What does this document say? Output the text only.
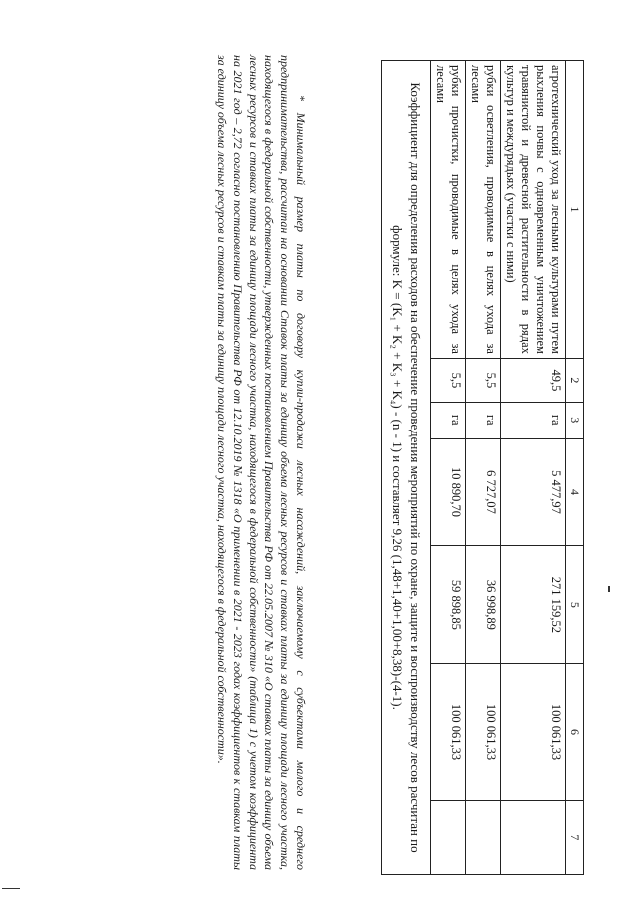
1	2	3	4	5	6	7
агротехнический уход за лесными культурами путем рыхления почвы с одновременным уничтожением травянистой и древесной растительности в рядах культур и междурядьях (участки с ними)	49,5	га	5 477,97	271 159,52	100 061,33	
рубки осветления, проводимые в целях ухода за лесами	5,5	га	6 727,07	36 998,89	100 061,33	
рубки прочистки, проводимые в целях ухода за лесами	5,5	га	10 890,70	59 898,85	100 061,33	
Коэффициент для определения расходов на обеспечение проведения мероприятий по охране, защите и воспроизводству лесов расчитан по формуле: K = (K₁ + K₂ + K₃ + K₄) - (n - 1) и составляет 9,26 (1,48+1,40+1,00+8,38)-(4-1).						

* Минимальный размер платы по договору купли-продажи лесных насаждений, заключаемому с субъектами малого и среднего предпринимательства, рассчитан на основании Ставок платы за единицу объема лесных ресурсов и ставках платы за единицу площади лесного участка, находящегося в федеральной собственности, утвержденных постановлением Правительства РФ от 22.05.2007 № 310 «О ставках платы за единицу объема лесных ресурсов и ставках платы за единицу площади лесного участка, находящегося в федеральной собственности» (таблица 1) с учетом коэффициента на 2021 год – 2,72 согласно постановлению Правительства РФ от 12.10.2019 № 1318 «О применении в 2021 - 2023 годах коэффициентов к ставкам платы за единицу объема лесных ресурсов и ставкам платы за единицу площади лесного участка, находящегося в федеральной собственности».
